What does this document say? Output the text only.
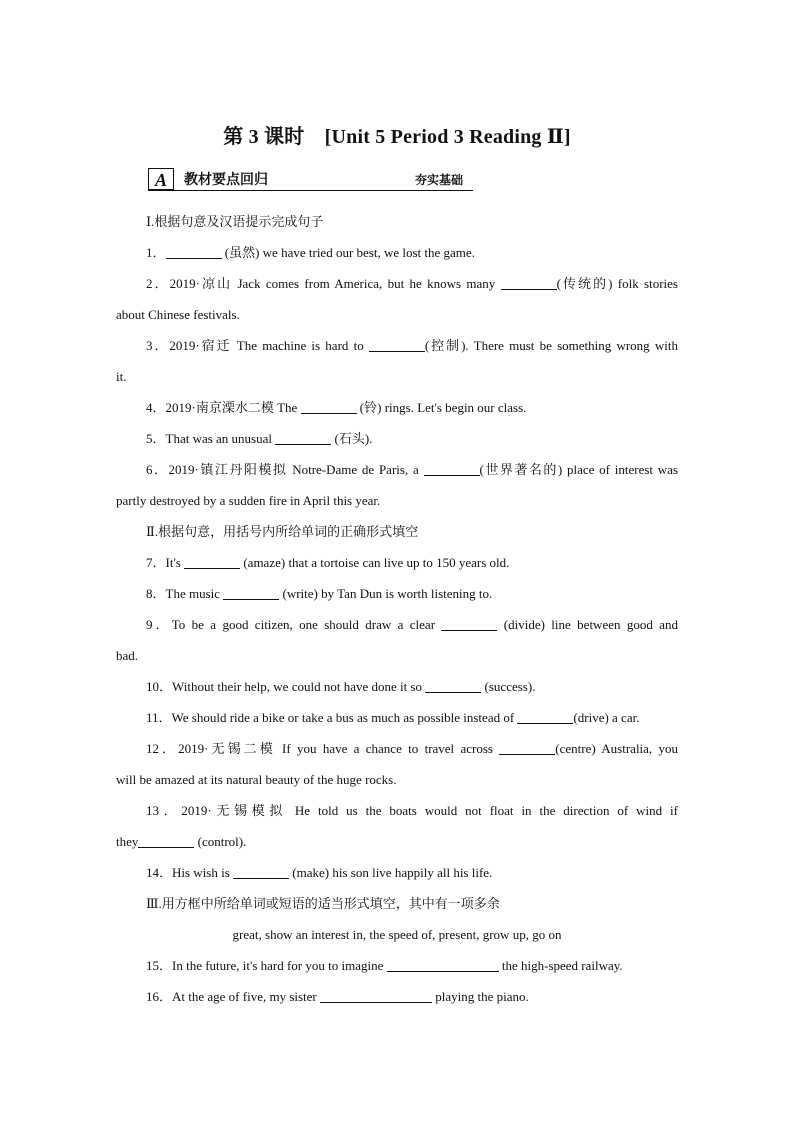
第 3 课时　[Unit 5 Period 3 Reading Ⅱ]
A	教材要点回归	夯实基础
Ⅰ.根据句意及汉语提示完成句子
1．	(虽然) we have tried our best, we lost the game.
2．2019·凉山 Jack comes from America, but he knows many	(传统的) folk stories
about Chinese festivals.
3．2019·宿迁 The machine is hard to	(控制). There must be something wrong with
it.
4．2019·南京溧水二模 The	(铃) rings. Let's begin our class.
5．That was an unusual	(石头).
6．2019·镇江丹阳模拟 Notre-Dame de Paris, a	(世界著名的) place of interest was
partly destroyed by a sudden fire in April this year.
Ⅱ.根据句意，用括号内所给单词的正确形式填空
7．It's	(amaze) that a tortoise can live up to 150 years old.
8．The music	(write) by Tan Dun is worth listening to.
9．To be a good citizen, one should draw a clear	(divide) line between good and
bad.
10．Without their help, we could not have done it so	(success).
11．We should ride a bike or take a bus as much as possible instead of	(drive) a car.
12．2019·无锡二模 If you have a chance to travel across	(centre) Australia, you
will be amazed at its natural beauty of the huge rocks.
13．2019·无锡模拟 He told us the boats would not float in the direction of wind if
they	(control).
14．His wish is	(make) his son live happily all his life.
Ⅲ.用方框中所给单词或短语的适当形式填空，其中有一项多余
great, show an interest in, the speed of, present, grow up, go on
15．In the future, it's hard for you to imagine	the high-speed railway.
16．At the age of five, my sister	playing the piano.
